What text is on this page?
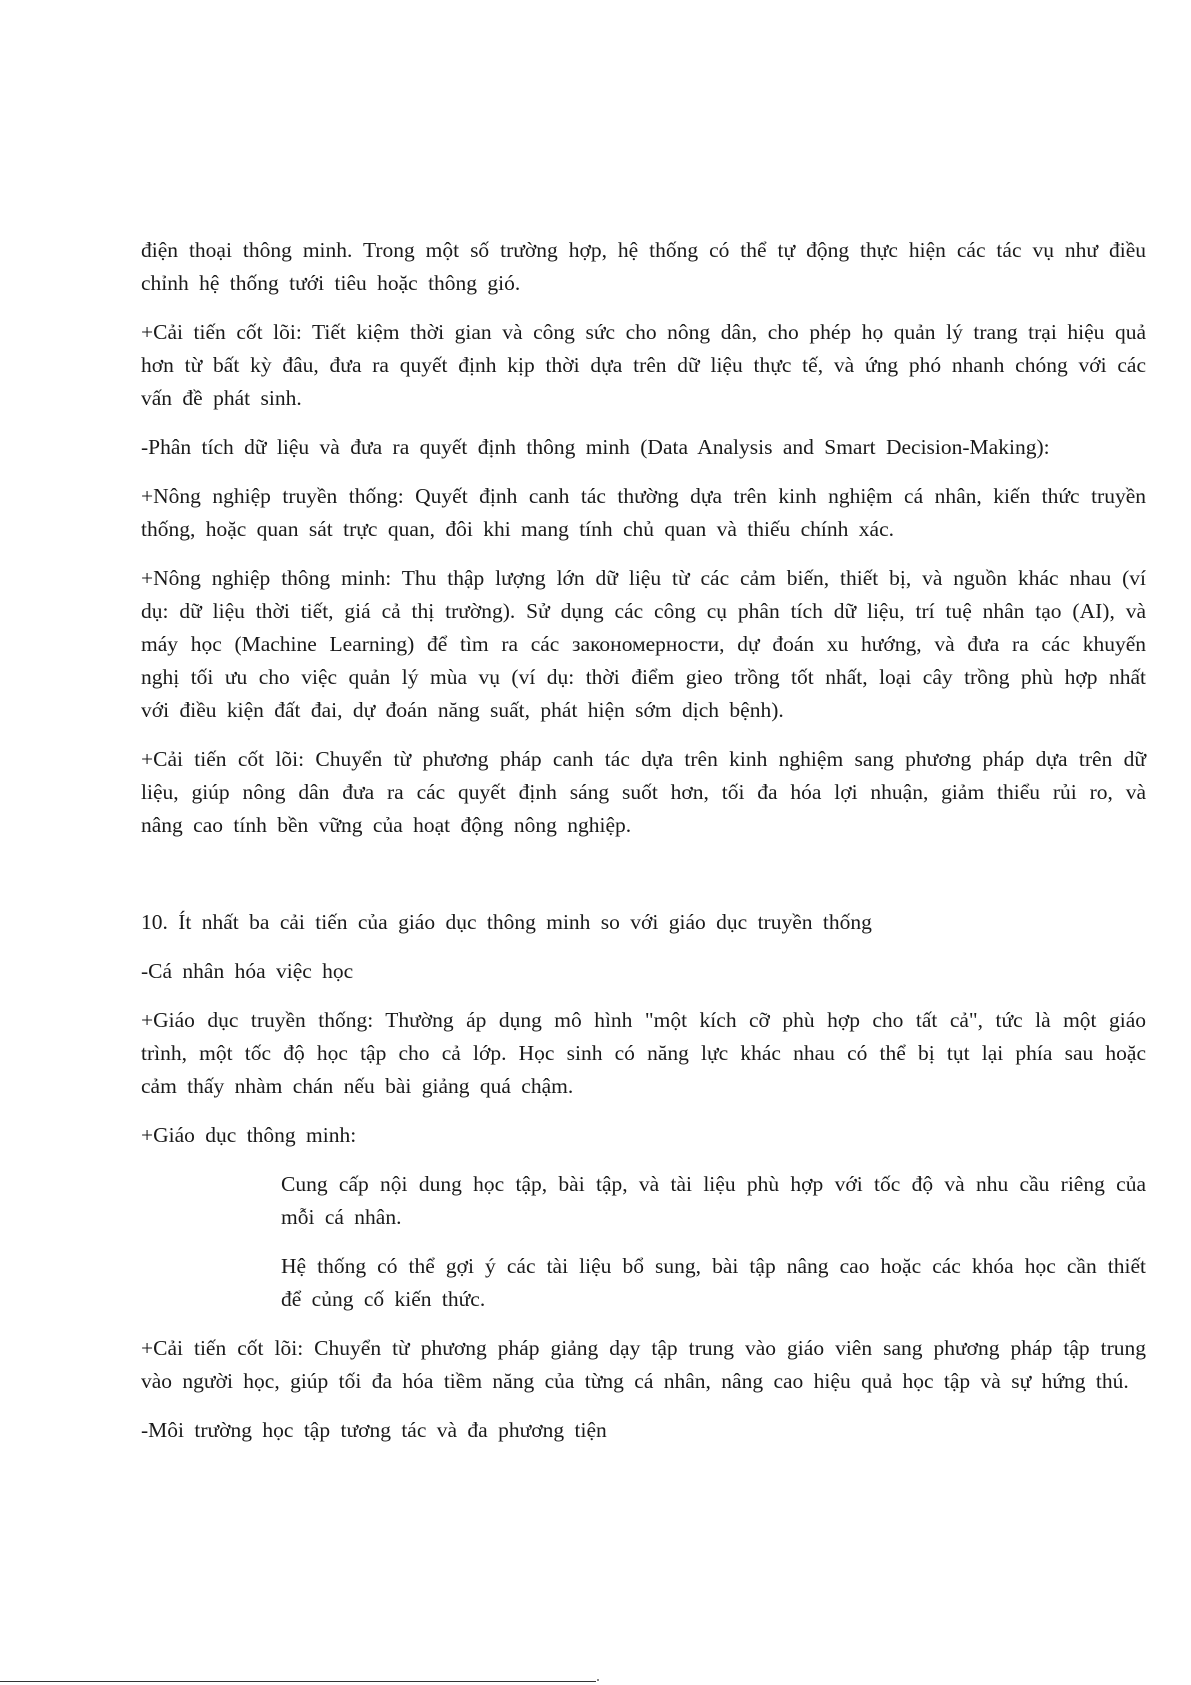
điện thoại thông minh. Trong một số trường hợp, hệ thống có thể tự động thực hiện các tác vụ như điều chỉnh hệ thống tưới tiêu hoặc thông gió.

+Cải tiến cốt lõi: Tiết kiệm thời gian và công sức cho nông dân, cho phép họ quản lý trang trại hiệu quả hơn từ bất kỳ đâu, đưa ra quyết định kịp thời dựa trên dữ liệu thực tế, và ứng phó nhanh chóng với các vấn đề phát sinh.

-Phân tích dữ liệu và đưa ra quyết định thông minh (Data Analysis and Smart Decision-Making):

+Nông nghiệp truyền thống: Quyết định canh tác thường dựa trên kinh nghiệm cá nhân, kiến thức truyền thống, hoặc quan sát trực quan, đôi khi mang tính chủ quan và thiếu chính xác.

+Nông nghiệp thông minh: Thu thập lượng lớn dữ liệu từ các cảm biến, thiết bị, và nguồn khác nhau (ví dụ: dữ liệu thời tiết, giá cả thị trường). Sử dụng các công cụ phân tích dữ liệu, trí tuệ nhân tạo (AI), và máy học (Machine Learning) để tìm ra các закономерности, dự đoán xu hướng, và đưa ra các khuyến nghị tối ưu cho việc quản lý mùa vụ (ví dụ: thời điểm gieo trồng tốt nhất, loại cây trồng phù hợp nhất với điều kiện đất đai, dự đoán năng suất, phát hiện sớm dịch bệnh).

+Cải tiến cốt lõi: Chuyển từ phương pháp canh tác dựa trên kinh nghiệm sang phương pháp dựa trên dữ liệu, giúp nông dân đưa ra các quyết định sáng suốt hơn, tối đa hóa lợi nhuận, giảm thiểu rủi ro, và nâng cao tính bền vững của hoạt động nông nghiệp.

10. Ít nhất ba cải tiến của giáo dục thông minh so với giáo dục truyền thống

-Cá nhân hóa việc học

+Giáo dục truyền thống: Thường áp dụng mô hình "một kích cỡ phù hợp cho tất cả", tức là một giáo trình, một tốc độ học tập cho cả lớp. Học sinh có năng lực khác nhau có thể bị tụt lại phía sau hoặc cảm thấy nhàm chán nếu bài giảng quá chậm.

+Giáo dục thông minh:

Cung cấp nội dung học tập, bài tập, và tài liệu phù hợp với tốc độ và nhu cầu riêng của mỗi cá nhân.

Hệ thống có thể gợi ý các tài liệu bổ sung, bài tập nâng cao hoặc các khóa học cần thiết để củng cố kiến thức.

+Cải tiến cốt lõi: Chuyển từ phương pháp giảng dạy tập trung vào giáo viên sang phương pháp tập trung vào người học, giúp tối đa hóa tiềm năng của từng cá nhân, nâng cao hiệu quả học tập và sự hứng thú.

-Môi trường học tập tương tác và đa phương tiện
